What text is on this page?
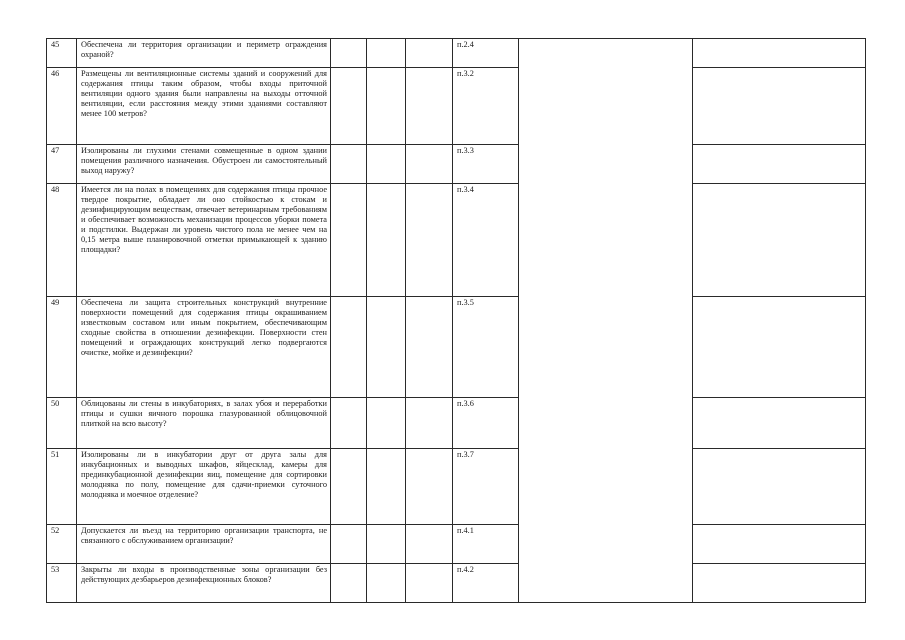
45	Обеспечена ли территория организации и периметр ограждения охраной?				п.2.4		
46	Размещены ли вентиляционные системы зданий и сооружений для содержания птицы таким образом, чтобы входы приточной вентиляции одного здания были направлены на выходы отточной вентиляции, если расстояния между этими зданиями составляют менее 100 метров?				п.3.2		
47	Изолированы ли глухими стенами совмещенные в одном здании помещения различного назначения. Обустроен ли самостоятельный выход наружу?				п.3.3		
48	Имеется ли на полах в помещениях для содержания птицы прочное твердое покрытие, обладает ли оно стойкостью к стокам и дезинфицирующим веществам, отвечает ветеринарным требованиям и обеспечивает возможность механизации процессов уборки помета и подстилки. Выдержан ли уровень чистого пола не менее чем на 0,15 метра выше планировочной отметки примыкающей к зданию площадки?				п.3.4		
49	Обеспечена ли защита строительных конструкций внутренние поверхности помещений для содержания птицы окрашиванием известковым составом или иным покрытием, обеспечивающим сходные свойства в отношении дезинфекции. Поверхности стен помещений и ограждающих конструкций легко подвергаются очистке, мойке и дезинфекции?				п.3.5		
50	Облицованы ли стены в инкубаториях, в залах убоя и переработки птицы и сушки яичного порошка глазурованной облицовочной плиткой на всю высоту?				п.3.6		
51	Изолированы ли в инкубатории друг от друга залы для инкубационных и выводных шкафов, яйцесклад, камеры для прединкубационной дезинфекции яиц, помещение для сортировки молодняка по полу, помещение для сдачи-приемки суточного молодняка и моечное отделение?				п.3.7		
52	Допускается ли въезд на территорию организации транспорта, не связанного с обслуживанием организации?				п.4.1		
53	Закрыты ли входы в производственные зоны организации без действующих дезбарьеров дезинфекционных блоков?				п.4.2		
